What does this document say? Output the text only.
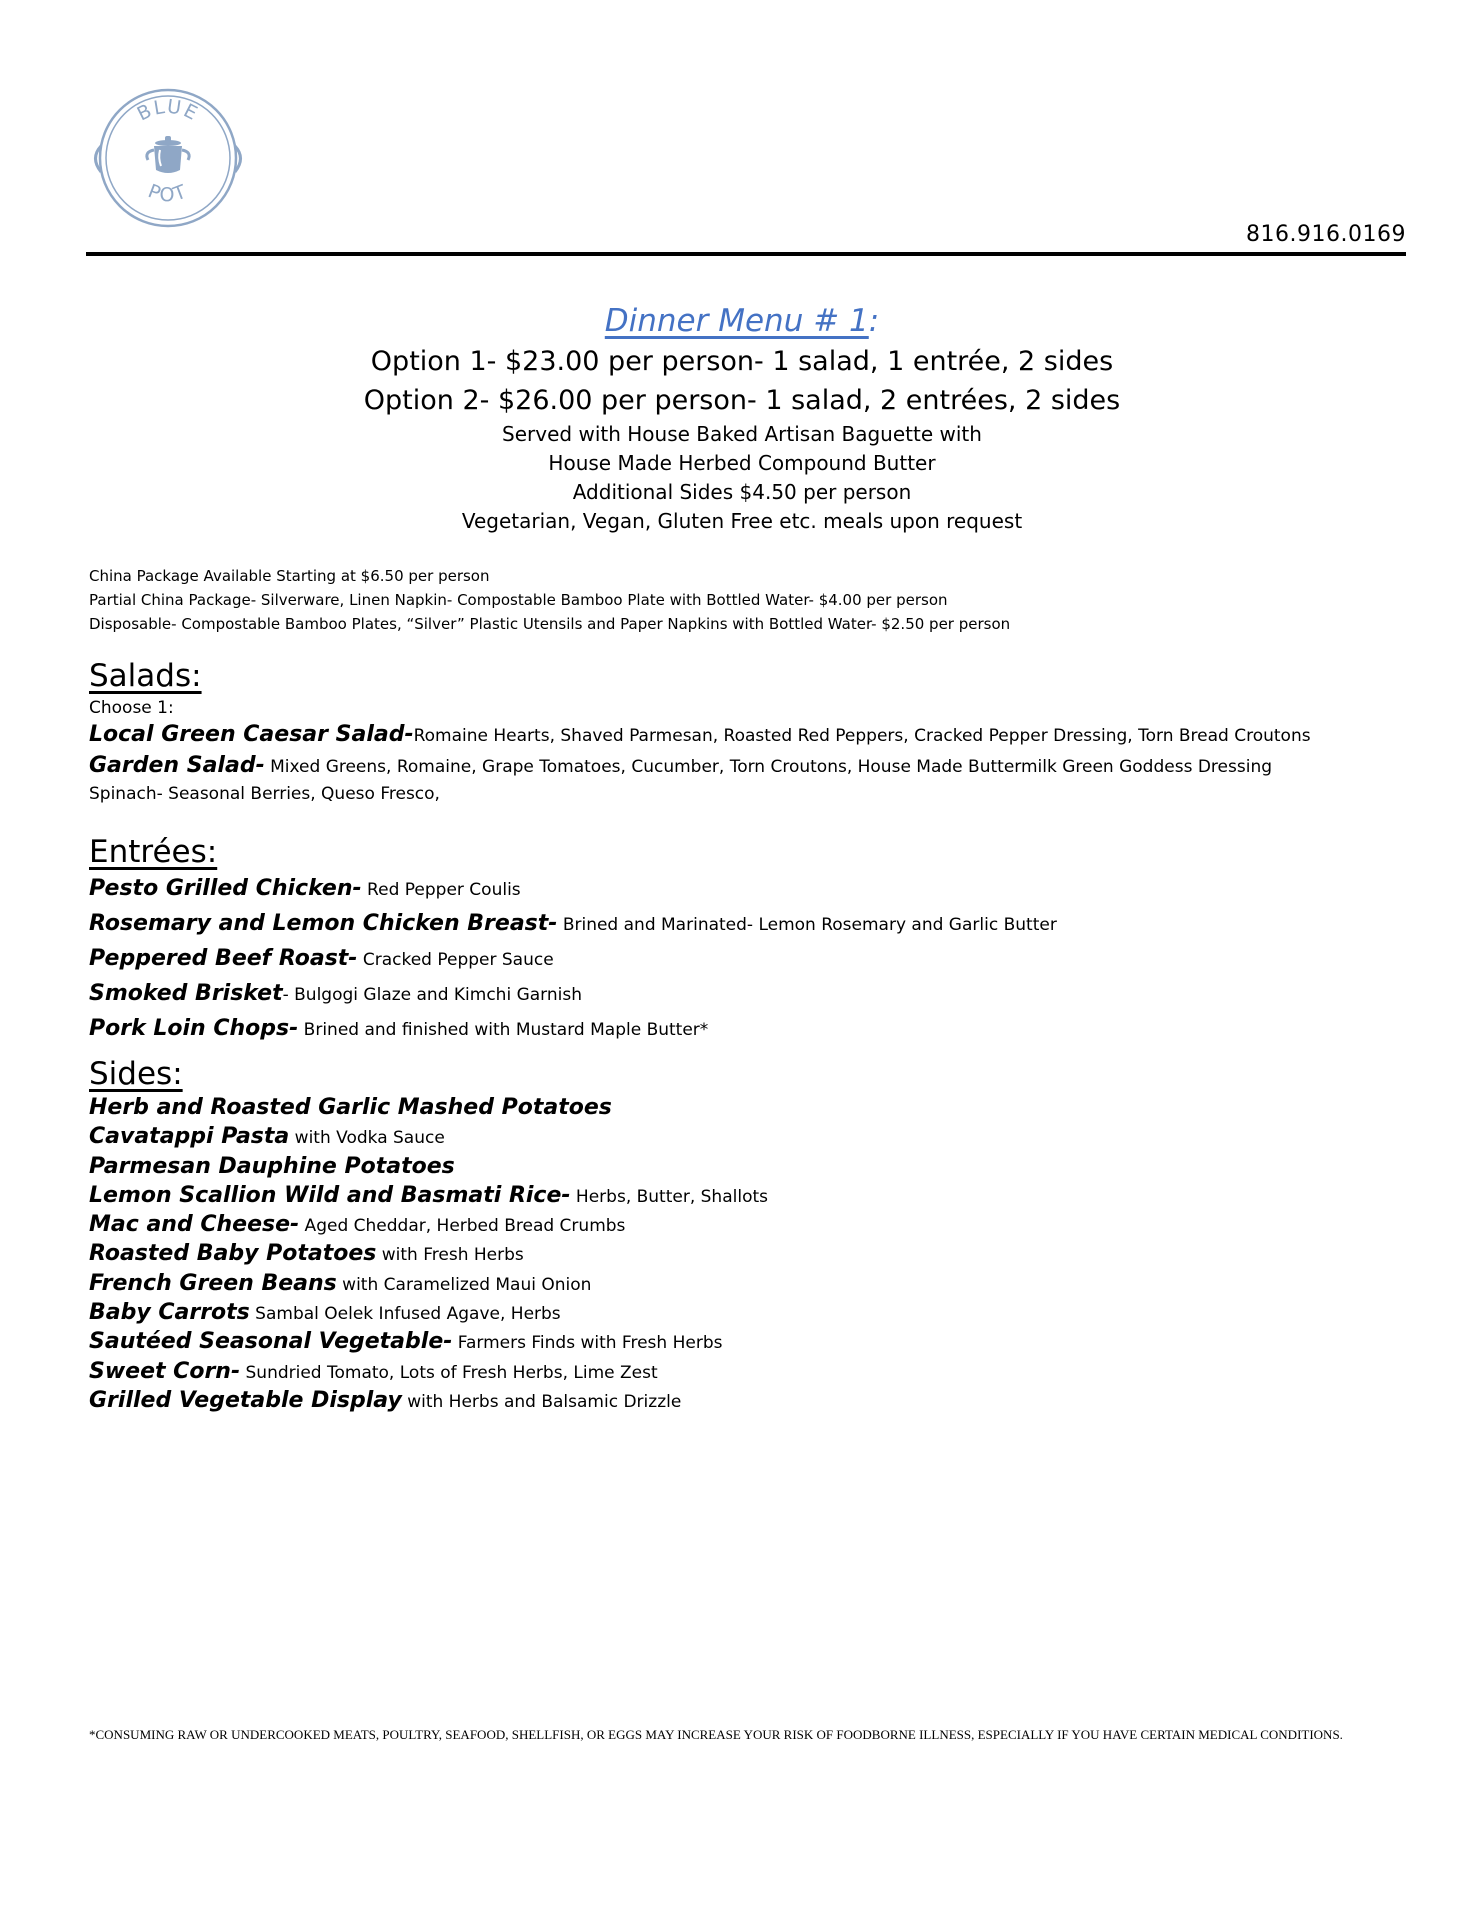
BLUE
POT
816.916.0169

Dinner Menu # 1:

Option 1- $23.00 per person- 1 salad, 1 entrée, 2 sides

Option 2- $26.00 per person- 1 salad, 2 entrées, 2 sides

Served with House Baked Artisan Baguette with

House Made Herbed Compound Butter

Additional Sides $4.50 per person

Vegetarian, Vegan, Gluten Free etc. meals upon request

China Package Available Starting at $6.50 per person
Partial China Package- Silverware, Linen Napkin- Compostable Bamboo Plate with Bottled Water- $4.00 per person
Disposable- Compostable Bamboo Plates, “Silver” Plastic Utensils and Paper Napkins with Bottled Water- $2.50 per person

Salads:

Choose 1:
Local Green Caesar Salad-Romaine Hearts, Shaved Parmesan, Roasted Red Peppers, Cracked Pepper Dressing, Torn Bread Croutons
Garden Salad- Mixed Greens, Romaine, Grape Tomatoes, Cucumber, Torn Croutons, House Made Buttermilk Green Goddess Dressing
Spinach- Seasonal Berries, Queso Fresco,

Entrées:

Pesto Grilled Chicken- Red Pepper Coulis
Rosemary and Lemon Chicken Breast- Brined and Marinated- Lemon Rosemary and Garlic Butter
Peppered Beef Roast- Cracked Pepper Sauce
Smoked Brisket- Bulgogi Glaze and Kimchi Garnish
Pork Loin Chops- Brined and finished with Mustard Maple Butter*

Sides:

Herb and Roasted Garlic Mashed Potatoes
Cavatappi Pasta with Vodka Sauce
Parmesan Dauphine Potatoes
Lemon Scallion Wild and Basmati Rice- Herbs, Butter, Shallots
Mac and Cheese- Aged Cheddar, Herbed Bread Crumbs
Roasted Baby Potatoes with Fresh Herbs
French Green Beans with Caramelized Maui Onion
Baby Carrots Sambal Oelek Infused Agave, Herbs
Sautéed Seasonal Vegetable- Farmers Finds with Fresh Herbs
Sweet Corn- Sundried Tomato, Lots of Fresh Herbs, Lime Zest
Grilled Vegetable Display with Herbs and Balsamic Drizzle
*CONSUMING RAW OR UNDERCOOKED MEATS, POULTRY, SEAFOOD, SHELLFISH, OR EGGS MAY INCREASE YOUR RISK OF FOODBORNE ILLNESS, ESPECIALLY IF YOU HAVE CERTAIN MEDICAL CONDITIONS.
